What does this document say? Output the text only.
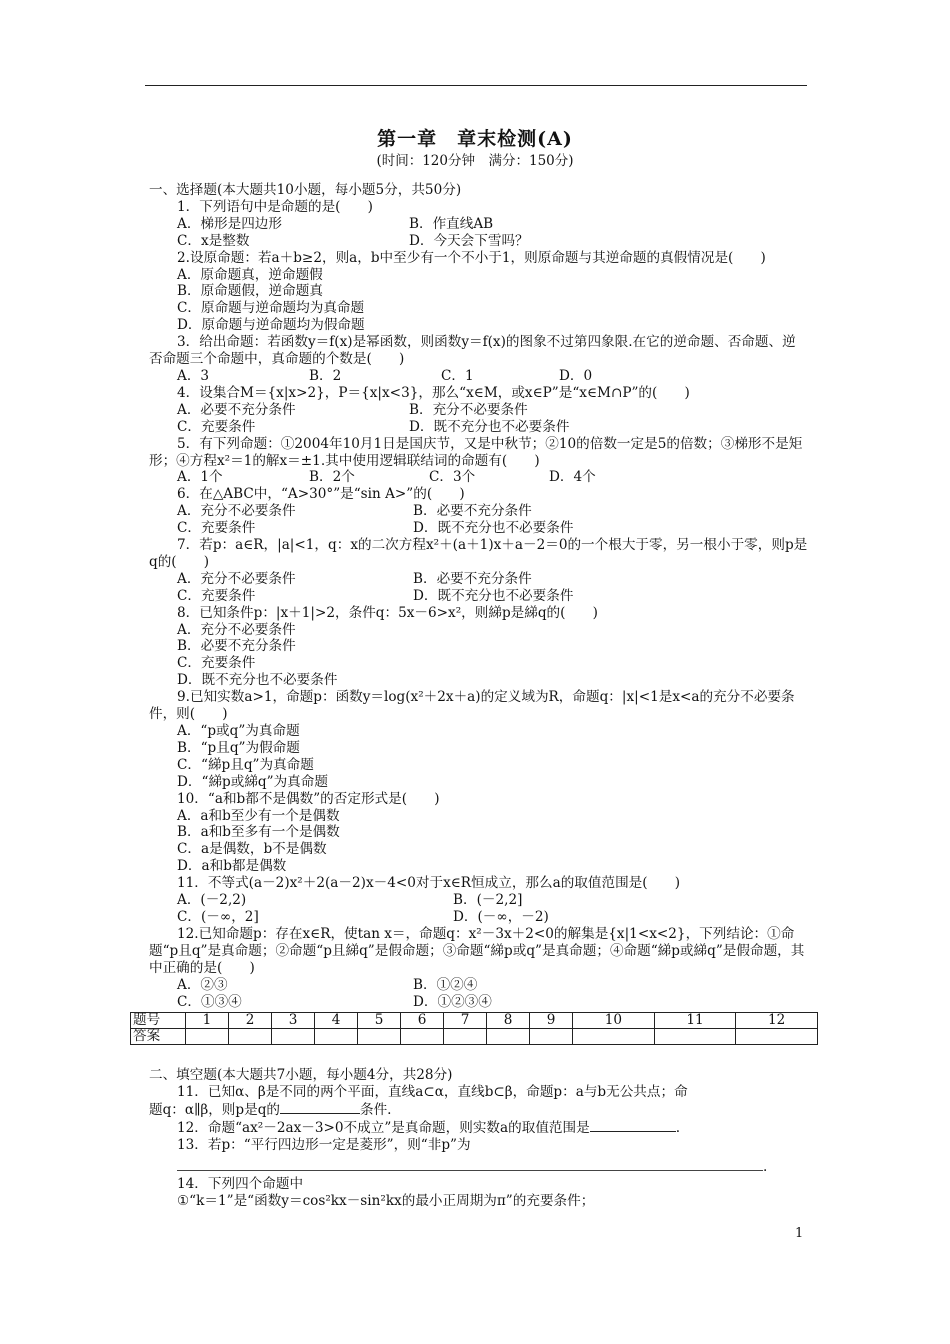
第一章　章末检测(A)
(时间：120分钟　满分：150分)

一、选择题(本大题共10小题，每小题5分，共50分)

1．下列语句中是命题的是(　　)

A．梯形是四边形	B．作直线AB

C．x是整数	D．今天会下雪吗？

2.设原命题：若a＋b≥2，则a，b中至少有一个不小于1，则原命题与其逆命题的真假情况是(　　)

A．原命题真，逆命题假

B．原命题假，逆命题真

C．原命题与逆命题均为真命题

D．原命题与逆命题均为假命题

3．给出命题：若函数y＝f(x)是幂函数，则函数y＝f(x)的图象不过第四象限.在它的逆命题、否命题、逆否命题三个命题中，真命题的个数是(　　)

A．3	B．2	C．1	D．0

4．设集合M＝{x|x>2}，P＝{x|x<3}，那么“x∈M，或x∈P”是“x∈M∩P”的(　　)

A．必要不充分条件	B．充分不必要条件

C．充要条件	D．既不充分也不必要条件

5．有下列命题：①2004年10月1日是国庆节，又是中秋节；②10的倍数一定是5的倍数；③梯形不是矩形；④方程x²＝1的解x＝±1.其中使用逻辑联结词的命题有(　　)

A．1个	B．2个	C．3个	D．4个

6．在△ABC中，“A>30°”是“sin A>”的(　　)

A．充分不必要条件	B．必要不充分条件

C．充要条件	D．既不充分也不必要条件

7．若p：a∈R，|a|<1，q：x的二次方程x²＋(a＋1)x＋a－2＝0的一个根大于零，另一根小于零，则p是q的(　　)

A．充分不必要条件	B．必要不充分条件

C．充要条件	D．既不充分也不必要条件

8．已知条件p：|x＋1|>2，条件q：5x－6>x²，则綈p是綈q的(　　)

A．充分不必要条件

B．必要不充分条件

C．充要条件

D．既不充分也不必要条件

9.已知实数a>1，命题p：函数y＝log(x²＋2x＋a)的定义域为R，命题q：|x|<1是x<a的充分不必要条件，则(　　)

A．“p或q”为真命题

B．“p且q”为假命题

C．“綈p且q”为真命题

D．“綈p或綈q”为真命题

10．“a和b都不是偶数”的否定形式是(　　)

A．a和b至少有一个是偶数

B．a和b至多有一个是偶数

C．a是偶数，b不是偶数

D．a和b都是偶数

11．不等式(a－2)x²＋2(a－2)x－4<0对于x∈R恒成立，那么a的取值范围是(　　)

A．(－2,2)	B．(－2,2]

C．(－∞，2]	D．(－∞，－2)

12.已知命题p：存在x∈R，使tan x＝，命题q：x²－3x＋2<0的解集是{x|1<x<2}，下列结论：①命题“p且q”是真命题；②命题“p且綈q”是假命题；③命题“綈p或q”是真命题；④命题“綈p或綈q”是假命题，其中正确的是(　　)

A．②③	B．①②④

C．①③④	D．①②③④

题号	1	2	3	4	5	6	7	8	9	10	11	12
答案												

二、填空题(本大题共7小题，每小题4分，共28分)

11．已知α、β是不同的两个平面，直线a⊂α，直线b⊂β，命题p：a与b无公共点；命

题q：α∥β，则p是q的	条件.

12．命题“ax²－2ax－3>0不成立”是真命题，则实数a的取值范围是	.

13．若p：“平行四边形一定是菱形”，则“非p”为

.

14．下列四个命题中

①“k＝1”是“函数y＝cos²kx－sin²kx的最小正周期为π”的充要条件；

1
